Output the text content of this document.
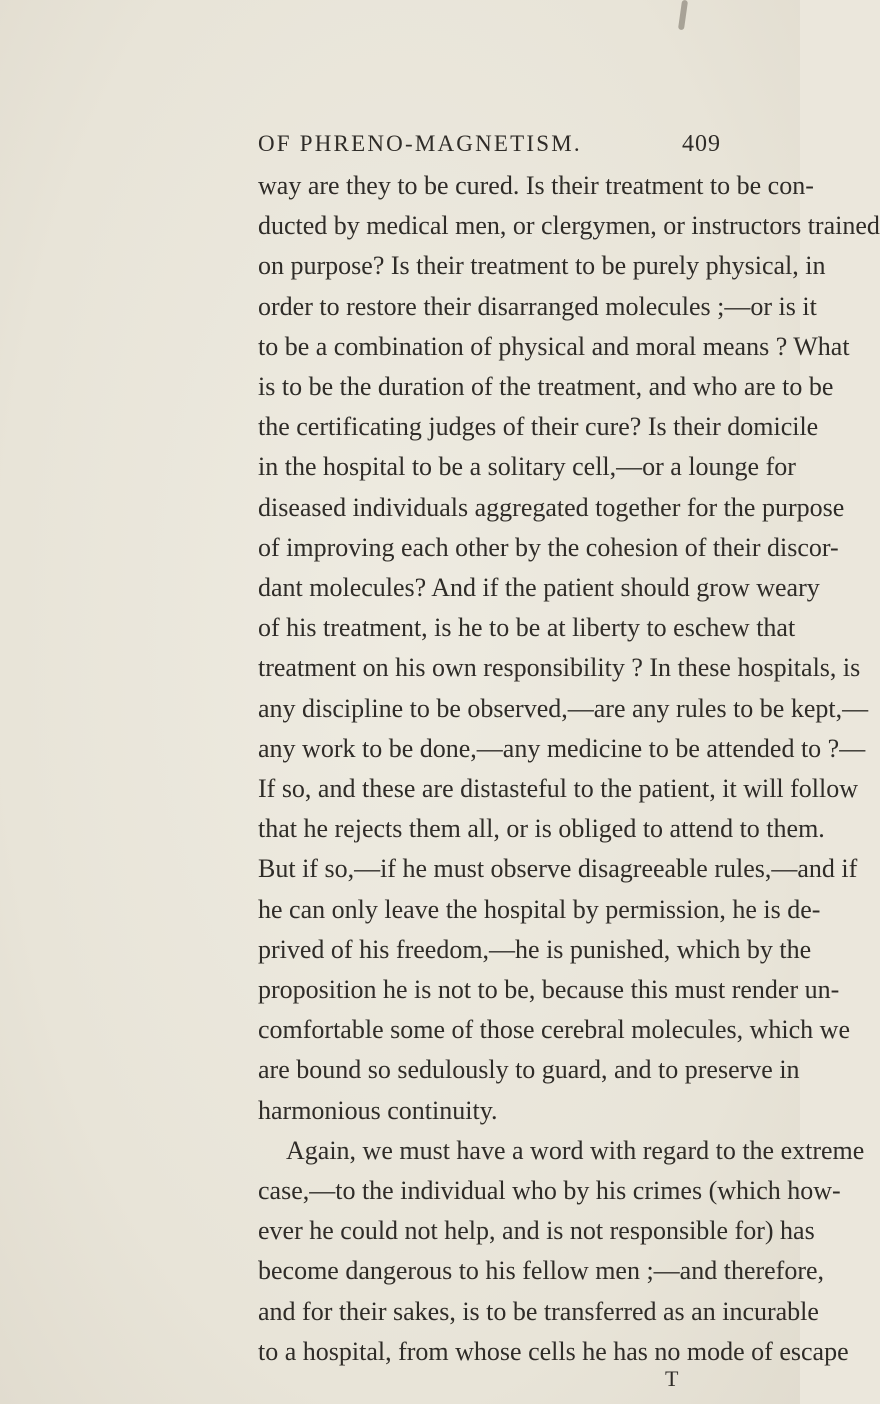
OF PHRENO-MAGNETISM.	409
way are they to be cured. Is their treatment to be con-
ducted by medical men, or clergymen, or instructors trained
on purpose? Is their treatment to be purely physical, in
order to restore their disarranged molecules ;—or is it
to be a combination of physical and moral means ? What
is to be the duration of the treatment, and who are to be
the certificating judges of their cure? Is their domicile
in the hospital to be a solitary cell,—or a lounge for
diseased individuals aggregated together for the purpose
of improving each other by the cohesion of their discor-
dant molecules? And if the patient should grow weary
of his treatment, is he to be at liberty to eschew that
treatment on his own responsibility ? In these hospitals, is
any discipline to be observed,—are any rules to be kept,—
any work to be done,—any medicine to be attended to ?—
If so, and these are distasteful to the patient, it will follow
that he rejects them all, or is obliged to attend to them.
But if so,—if he must observe disagreeable rules,—and if
he can only leave the hospital by permission, he is de-
prived of his freedom,—he is punished, which by the
proposition he is not to be, because this must render un-
comfortable some of those cerebral molecules, which we
are bound so sedulously to guard, and to preserve in
harmonious continuity.
Again, we must have a word with regard to the extreme
case,—to the individual who by his crimes (which how-
ever he could not help, and is not responsible for) has
become dangerous to his fellow men ;—and therefore,
and for their sakes, is to be transferred as an incurable
to a hospital, from whose cells he has no mode of escape
T
